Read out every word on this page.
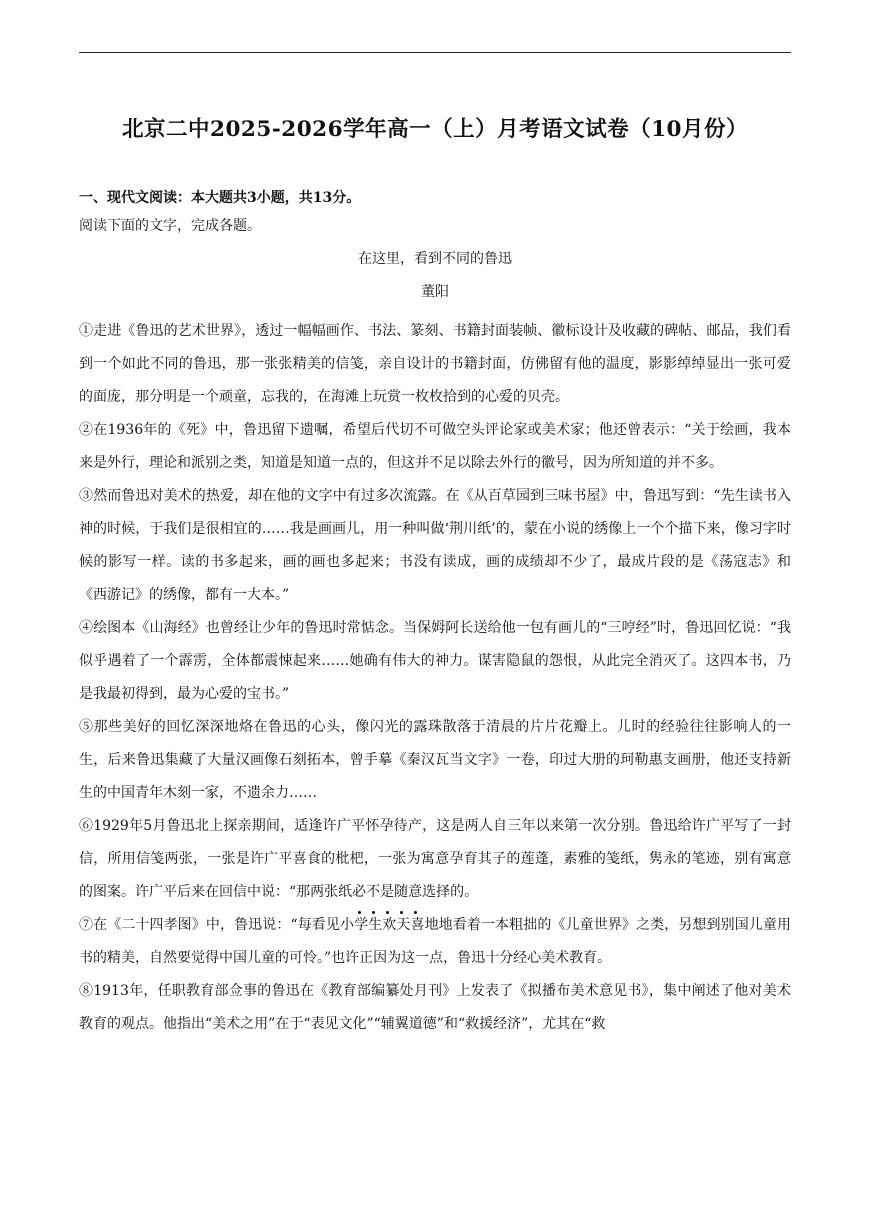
北京二中2025-2026学年高一（上）月考语文试卷（10月份）

一、现代文阅读：本大题共3小题，共13分。

阅读下面的文字，完成各题。

在这里，看到不同的鲁迅

董阳

①走进《鲁迅的艺术世界》，透过一幅幅画作、书法、篆刻、书籍封面装帧、徽标设计及收藏的碑帖、邮品，我们看到一个如此不同的鲁迅，那一张张精美的信笺，亲自设计的书籍封面，仿佛留有他的温度，影影绰绰显出一张可爱的面庞，那分明是一个顽童，忘我的，在海滩上玩赏一枚枚拾到的心爱的贝壳。

②在1936年的《死》中，鲁迅留下遗嘱，希望后代切不可做空头评论家或美术家；他还曾表示：“关于绘画，我本来是外行，理论和派别之类，知道是知道一点的，但这并不足以除去外行的徽号，因为所知道的并不多。

③然而鲁迅对美术的热爱，却在他的文字中有过多次流露。在《从百草园到三味书屋》中，鲁迅写到：“先生读书入神的时候，于我们是很相宜的……我是画画儿，用一种叫做‘荆川纸’的，蒙在小说的绣像上一个个描下来，像习字时候的影写一样。读的书多起来，画的画也多起来；书没有读成，画的成绩却不少了，最成片段的是《荡寇志》和《西游记》的绣像，都有一大本。”

④绘图本《山海经》也曾经让少年的鲁迅时常惦念。当保姆阿长送给他一包有画儿的“三哼经”时，鲁迅回忆说：“我似乎遇着了一个霹雳，全体都震悚起来……她确有伟大的神力。谋害隐鼠的怨恨，从此完全消灭了。这四本书，乃是我最初得到，最为心爱的宝书。”

⑤那些美好的回忆深深地烙在鲁迅的心头，像闪光的露珠散落于清晨的片片花瓣上。儿时的经验往往影响人的一生，后来鲁迅集藏了大量汉画像石刻拓本，曾手摹《秦汉瓦当文字》一卷，印过大册的珂勒惠支画册，他还支持新生的中国青年木刻一家，不遗余力……

⑥1929年5月鲁迅北上探亲期间，适逢许广平怀孕待产，这是两人自三年以来第一次分别。鲁迅给许广平写了一封信，所用信笺两张，一张是许广平喜食的枇杷，一张为寓意孕育其子的莲蓬，素雅的笺纸，隽永的笔迹，别有寓意的图案。许广平后来在回信中说：“那两张纸必不是随意选择的。

⑦在《二十四孝图》中，鲁迅说：“每看见小学生欢天喜地地看着一本粗拙的《儿童世界》之类，另想到别国儿童用书的精美，自然要觉得中国儿童的可怜。”也许正因为这一点，鲁迅十分经心美术教育。

⑧1913年，任职教育部佥事的鲁迅在《教育部编纂处月刊》上发表了《拟播布美术意见书》，集中阐述了他对美术教育的观点。他指出“美术之用”在于“表见文化”“辅翼道德”和“救援经济”，尤其在“救
